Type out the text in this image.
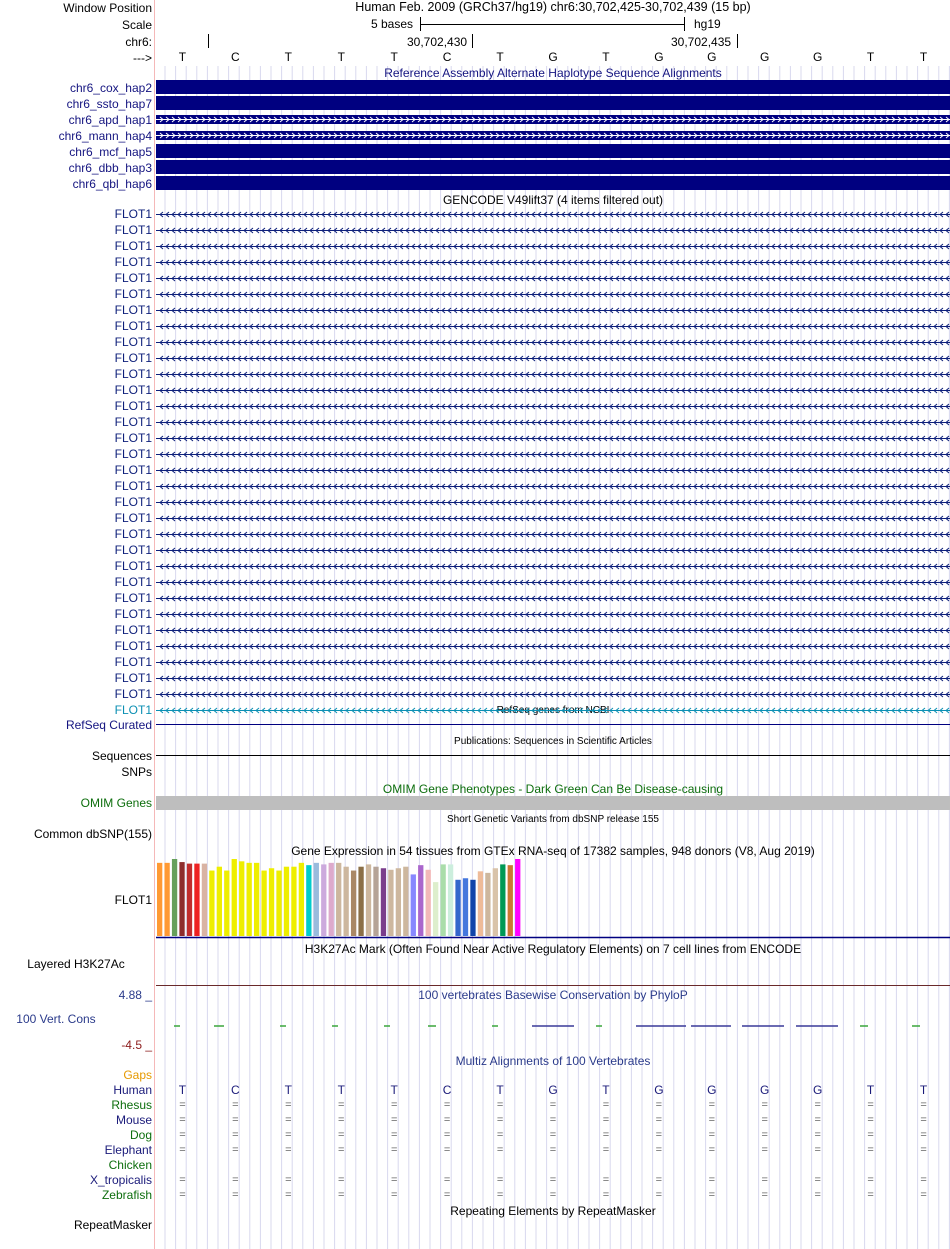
Window Position	Human Feb. 2009 (GRCh37/hg19) chr6:30,702,425-30,702,439 (15 bp)
Scale	5 bases	hg19
chr6:	30,702,430	30,702,435
--->
Reference Assembly Alternate Haplotype Sequence Alignments
GENCODE V49lift37 (4 items filtered out)
RefSeq genes from NCBI
RefSeq Curated
Publications: Sequences in Scientific Articles
Sequences
SNPs
OMIM Gene Phenotypes - Dark Green Can Be Disease-causing
OMIM Genes
Short Genetic Variants from dbSNP release 155
Common dbSNP(155)
Gene Expression in 54 tissues from GTEx RNA-seq of 17382 samples, 948 donors (V8, Aug 2019)
FLOT1
H3K27Ac Mark (Often Found Near Active Regulatory Elements) on 7 cell lines from ENCODE
Layered H3K27Ac
100 vertebrates Basewise Conservation by PhyloP
4.88 _
100 Vert. Cons
-4.5 _
Multiz Alignments of 100 Vertebrates
Gaps
Repeating Elements by RepeatMasker
RepeatMasker
T	C	T	T	T	C	T	G	T	G	G	G	G	T	T
chr6_cox_hap2
chr6_ssto_hap7
chr6_apd_hap1
chr6_mann_hap4
chr6_mcf_hap5
chr6_dbb_hap3
chr6_qbl_hap6
FLOT1
FLOT1
FLOT1
FLOT1
FLOT1
FLOT1
FLOT1
FLOT1
FLOT1
FLOT1
FLOT1
FLOT1
FLOT1
FLOT1
FLOT1
FLOT1
FLOT1
FLOT1
FLOT1
FLOT1
FLOT1
FLOT1
FLOT1
FLOT1
FLOT1
FLOT1
FLOT1
FLOT1
FLOT1
FLOT1
FLOT1
FLOT1
Human	T	C	T	T	T	C	T	G	T	G	G	G	G	T	T
Rhesus	=	=	=	=	=	=	=	=	=	=	=	=	=	=	=
Mouse	=	=	=	=	=	=	=	=	=	=	=	=	=	=	=
Dog	=	=	=	=	=	=	=	=	=	=	=	=	=	=	=
Elephant	=	=	=	=	=	=	=	=	=	=	=	=	=	=	=
Chicken
X_tropicalis	=	=	=	=	=	=	=	=	=	=	=	=	=	=	=
Zebrafish	=	=	=	=	=	=	=	=	=	=	=	=	=	=	=
